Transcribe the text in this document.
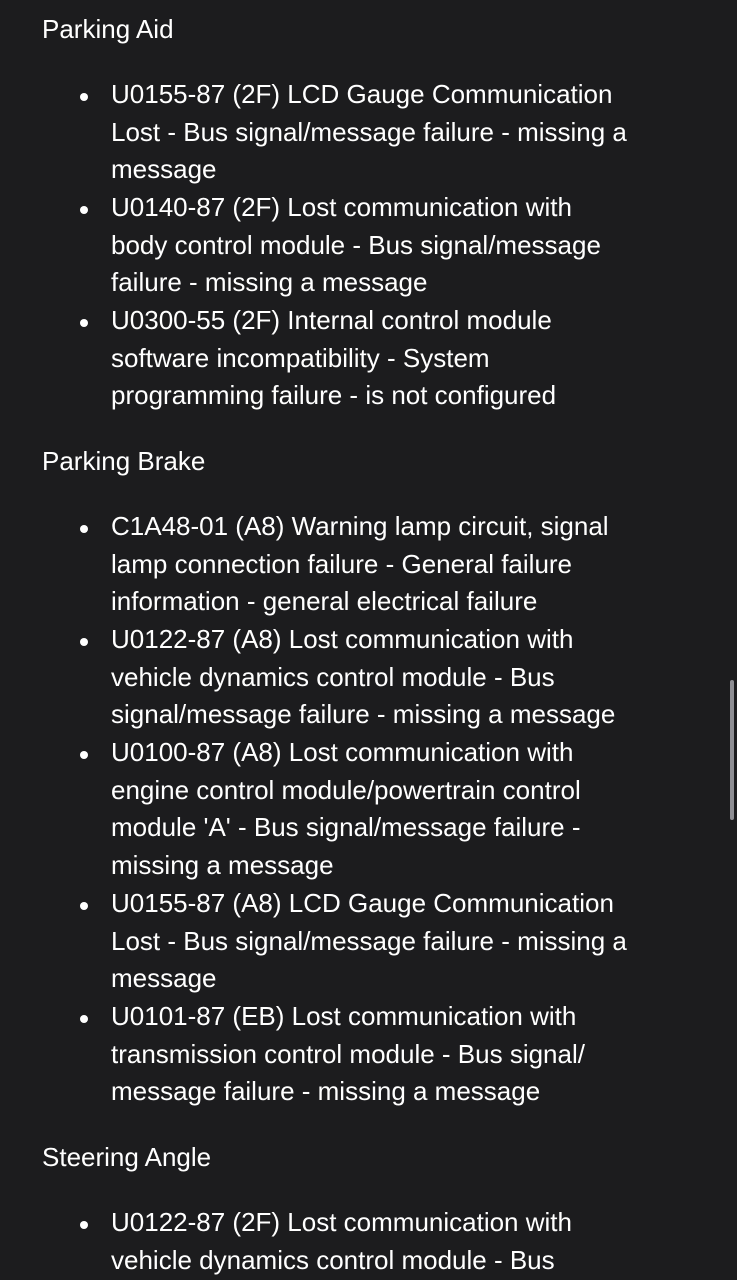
Parking Aid
U0155-87 (2F) LCD Gauge Communication
Lost - Bus signal/message failure - missing a
message
U0140-87 (2F) Lost communication with
body control module - Bus signal/message
failure - missing a message
U0300-55 (2F) Internal control module
software incompatibility - System
programming failure - is not configured
Parking Brake
C1A48-01 (A8) Warning lamp circuit, signal
lamp connection failure - General failure
information - general electrical failure
U0122-87 (A8) Lost communication with
vehicle dynamics control module - Bus
signal/message failure - missing a message
U0100-87 (A8) Lost communication with
engine control module/powertrain control
module 'A' - Bus signal/message failure -
missing a message
U0155-87 (A8) LCD Gauge Communication
Lost - Bus signal/message failure - missing a
message
U0101-87 (EB) Lost communication with
transmission control module - Bus signal/
message failure - missing a message
Steering Angle
U0122-87 (2F) Lost communication with
vehicle dynamics control module - Bus
